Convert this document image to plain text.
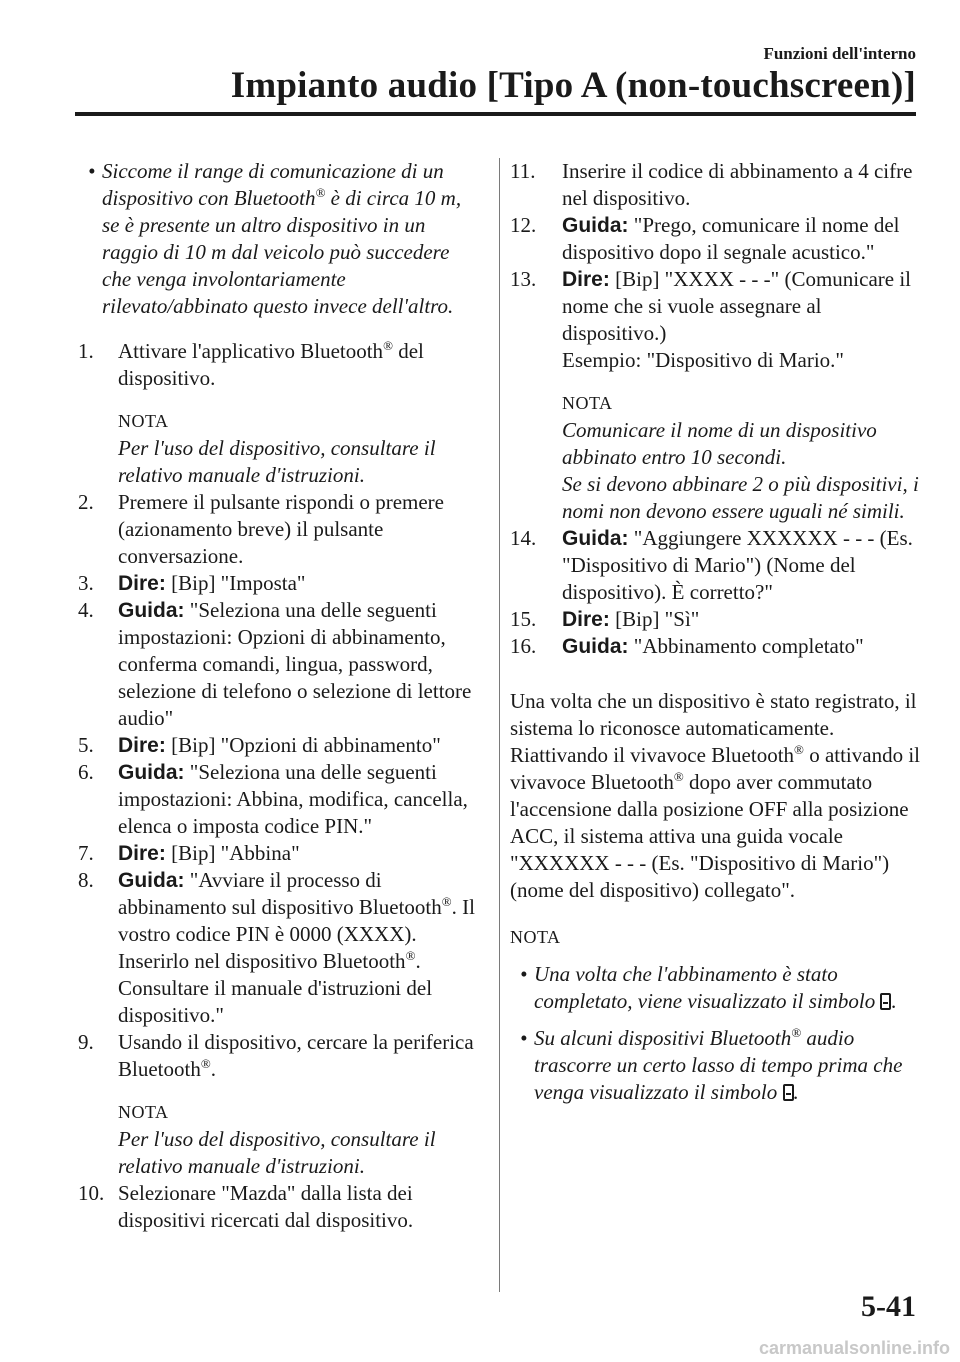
Funzioni dell'interno
Impianto audio [Tipo A (non-touchscreen)]
• Siccome il range di comunicazione di un dispositivo con Bluetooth® è di circa 10 m, se è presente un altro dispositivo in un raggio di 10 m dal veicolo può succedere che venga involontariamente rilevato/abbinato questo invece dell'altro.
1.	Attivare l'applicativo Bluetooth® del dispositivo.
NOTA
Per l'uso del dispositivo, consultare il relativo manuale d'istruzioni.
2.	Premere il pulsante rispondi o premere (azionamento breve) il pulsante conversazione.
3.	Dire: [Bip] "Imposta"
4.	Guida: "Seleziona una delle seguenti impostazioni: Opzioni di abbinamento, conferma comandi, lingua, password, selezione di telefono o selezione di lettore audio"
5.	Dire: [Bip] "Opzioni di abbinamento"
6.	Guida: "Seleziona una delle seguenti impostazioni: Abbina, modifica, cancella, elenca o imposta codice PIN."
7.	Dire: [Bip] "Abbina"
8.	Guida: "Avviare il processo di abbinamento sul dispositivo Bluetooth®. Il vostro codice PIN è 0000 (XXXX). Inserirlo nel dispositivo Bluetooth®. Consultare il manuale d'istruzioni del dispositivo."
9.	Usando il dispositivo, cercare la periferica Bluetooth®.
NOTA
Per l'uso del dispositivo, consultare il relativo manuale d'istruzioni.
10. Selezionare "Mazda" dalla lista dei dispositivi ricercati dal dispositivo.
11.	Inserire il codice di abbinamento a 4 cifre nel dispositivo.
12.	Guida: "Prego, comunicare il nome del dispositivo dopo il segnale acustico."
13.	Dire: [Bip] "XXXX - - -" (Comunicare il nome che si vuole assegnare al dispositivo.)
Esempio: "Dispositivo di Mario."
NOTA
Comunicare il nome di un dispositivo abbinato entro 10 secondi.
Se si devono abbinare 2 o più dispositivi, i nomi non devono essere uguali né simili.
14.	Guida: "Aggiungere XXXXXX - - - (Es. "Dispositivo di Mario") (Nome del dispositivo). È corretto?"
15.	Dire: [Bip] "Sì"
16.	Guida: "Abbinamento completato"
Una volta che un dispositivo è stato registrato, il sistema lo riconosce automaticamente. Riattivando il vivavoce Bluetooth® o attivando il vivavoce Bluetooth® dopo aver commutato l'accensione dalla posizione OFF alla posizione ACC, il sistema attiva una guida vocale "XXXXXX - - - (Es. "Dispositivo di Mario") (nome del dispositivo) collegato".
NOTA
• Una volta che l'abbinamento è stato completato, viene visualizzato il simbolo .
• Su alcuni dispositivi Bluetooth® audio trascorre un certo lasso di tempo prima che venga visualizzato il simbolo .
5-41
carmanualsonline.info
